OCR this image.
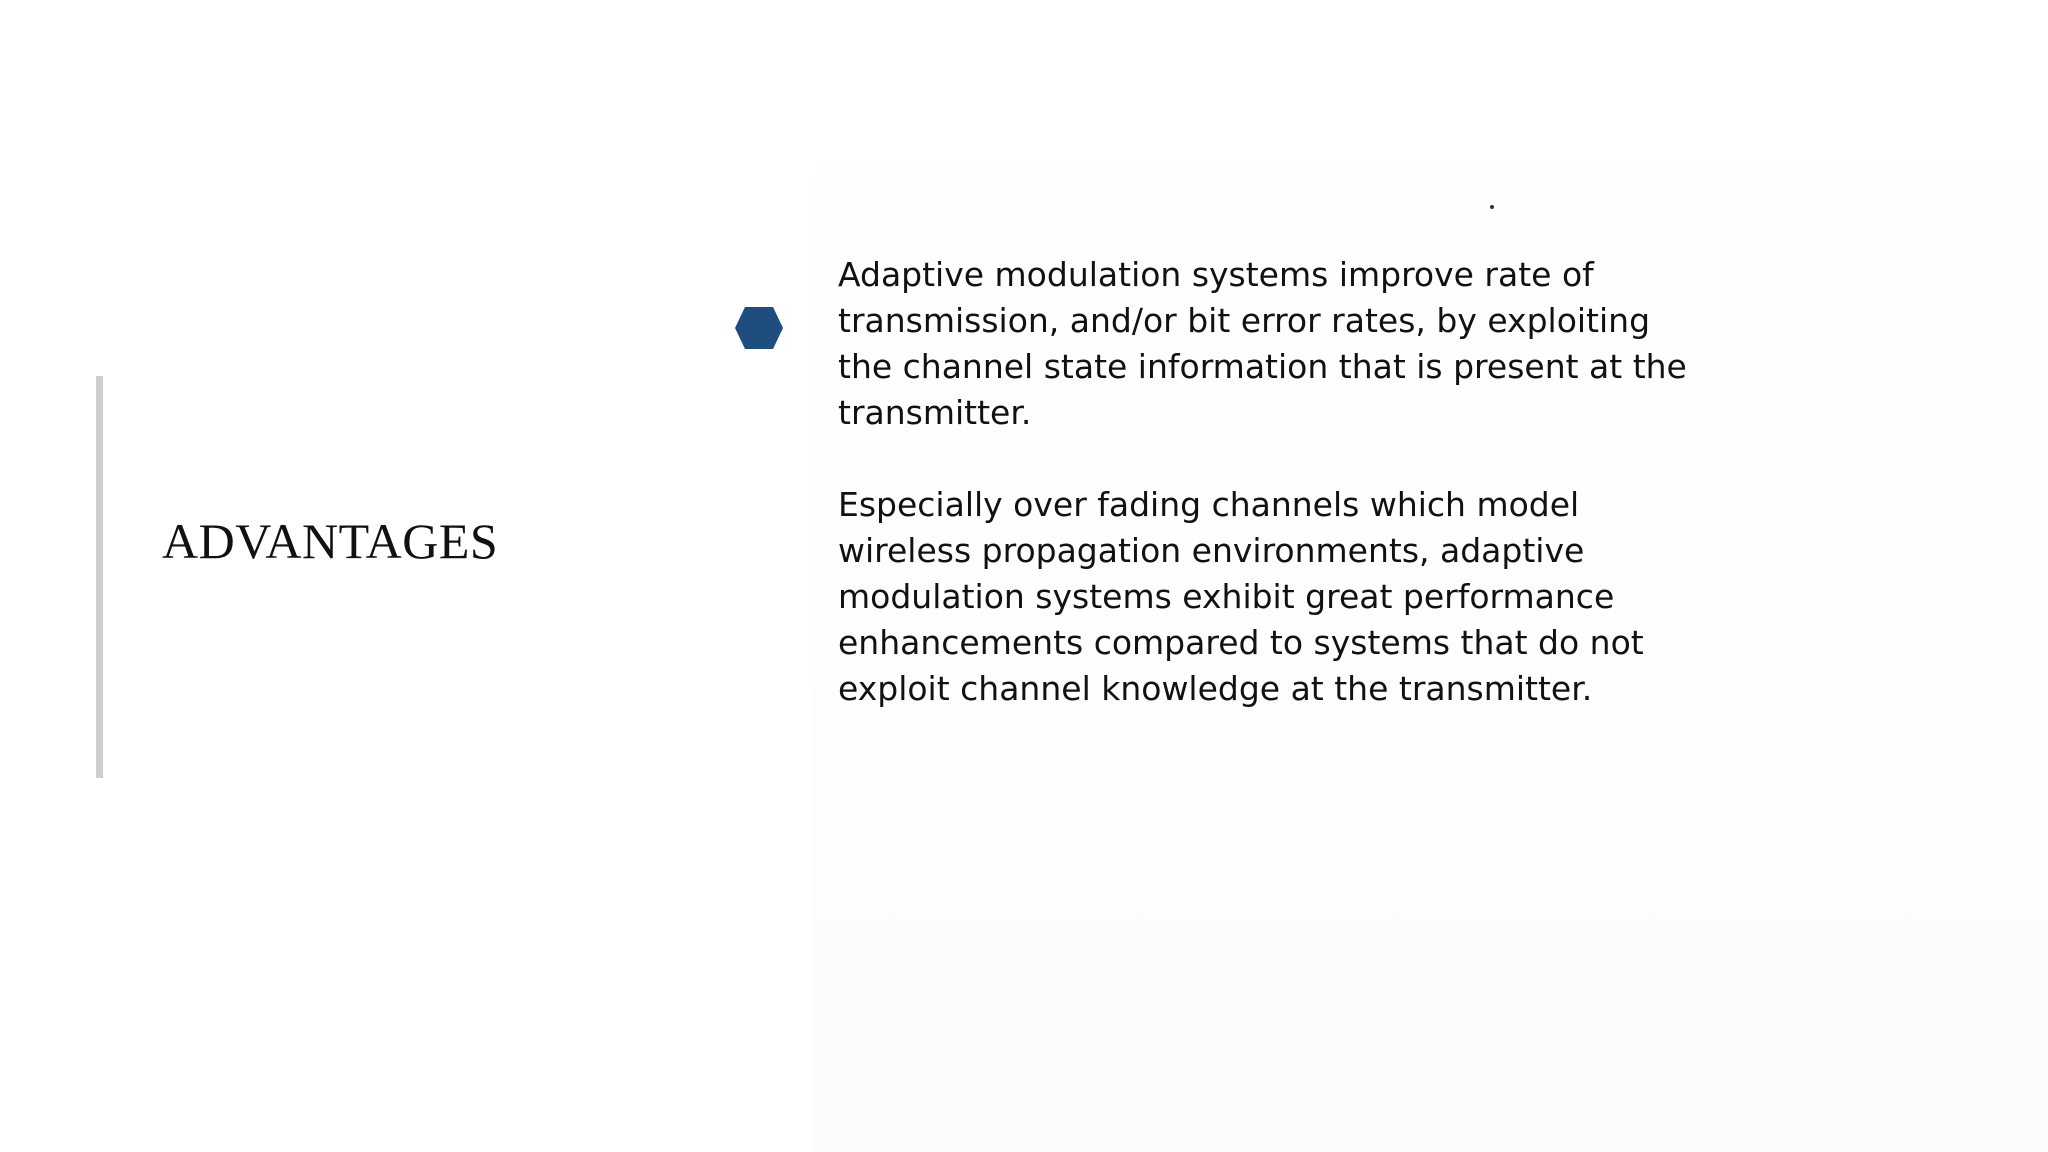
ADVANTAGES

Adaptive modulation systems improve rate of transmission, and/or bit error rates, by exploiting the channel state information that is present at the transmitter.

Especially over fading channels which model wireless propagation environments, adaptive modulation systems exhibit great performance enhancements compared to systems that do not exploit channel knowledge at the transmitter.
